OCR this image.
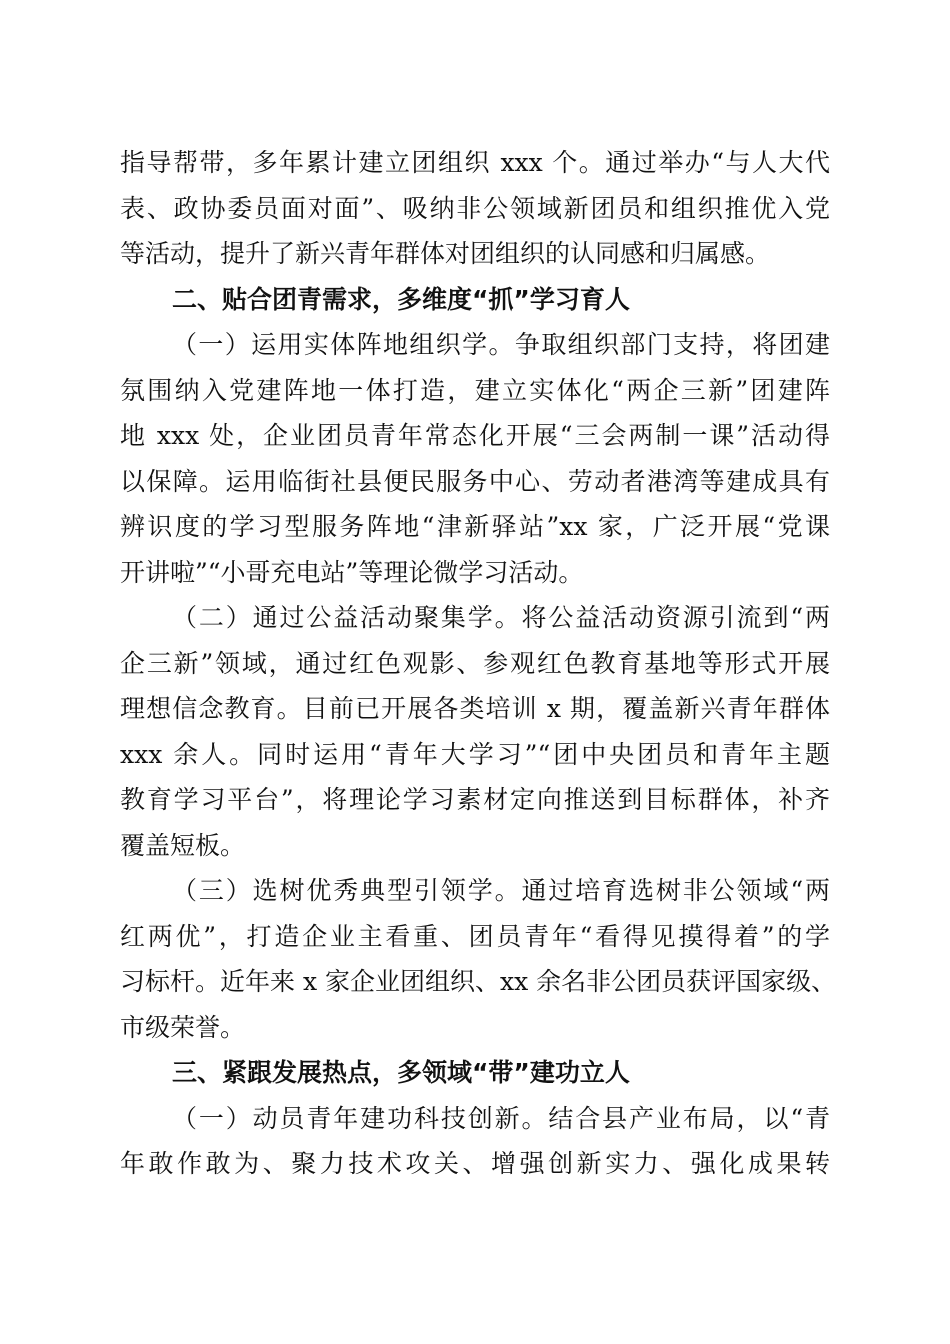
指导帮带，多年累计建立团组织 xxx 个。通过举办“与人大代
表、政协委员面对面”、吸纳非公领域新团员和组织推优入党
等活动，提升了新兴青年群体对团组织的认同感和归属感。
二、贴合团青需求，多维度“抓”学习育人
（一）运用实体阵地组织学。争取组织部门支持，将团建
氛围纳入党建阵地一体打造，建立实体化“两企三新”团建阵
地 xxx 处，企业团员青年常态化开展“三会两制一课”活动得
以保障。运用临街社县便民服务中心、劳动者港湾等建成具有
辨识度的学习型服务阵地“津新驿站”xx 家，广泛开展“党课
开讲啦”“小哥充电站”等理论微学习活动。
（二）通过公益活动聚集学。将公益活动资源引流到“两
企三新”领域，通过红色观影、参观红色教育基地等形式开展
理想信念教育。目前已开展各类培训 x 期，覆盖新兴青年群体
xxx 余人。同时运用“青年大学习”“团中央团员和青年主题
教育学习平台”，将理论学习素材定向推送到目标群体，补齐
覆盖短板。
（三）选树优秀典型引领学。通过培育选树非公领域“两
红两优”，打造企业主看重、团员青年“看得见摸得着”的学
习标杆。近年来 x 家企业团组织、xx 余名非公团员获评国家级、
市级荣誉。
三、紧跟发展热点，多领域“带”建功立人
（一）动员青年建功科技创新。结合县产业布局，以“青
年敢作敢为、聚力技术攻关、增强创新实力、强化成果转
